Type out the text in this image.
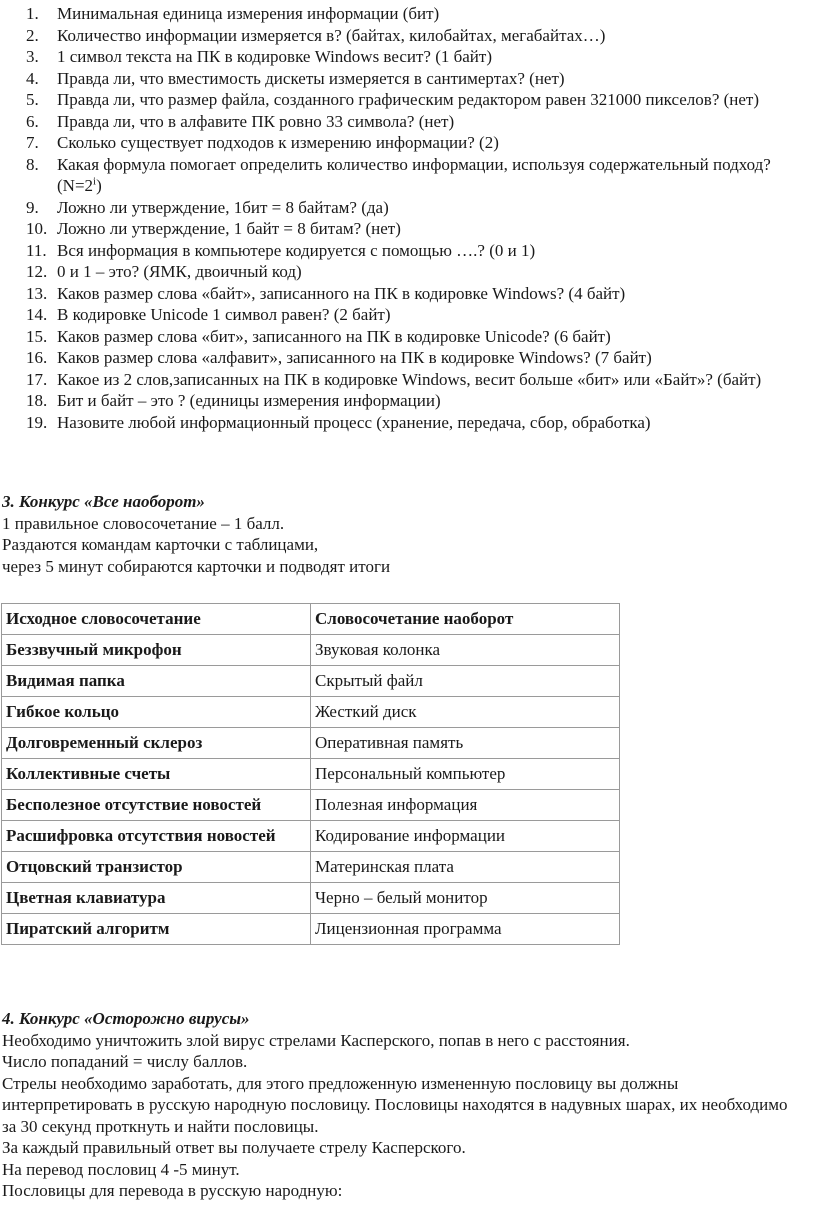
1. Минимальная единица измерения информации (бит)
2. Количество информации измеряется в? (байтах, килобайтах, мегабайтах…)
3. 1 символ текста на ПК в кодировке Windows весит? (1 байт)
4. Правда ли, что вместимость дискеты измеряется в сантимертах? (нет)
5. Правда ли, что размер файла, созданного графическим редактором равен 321000 пикселов? (нет)
6. Правда ли, что в алфавите ПК ровно 33 символа? (нет)
7. Сколько существует подходов к измерению информации? (2)
8. Какая формула помогает определить количество информации, используя содержательный подход? $(N=2^i)$
9. Ложно ли утверждение, 1бит = 8 байтам? (да)
10. Ложно ли утверждение, 1 байт = 8 битам? (нет)
11. Вся информация в компьютере кодируется с помощью ….? (0 и 1)
12. 0 и 1 – это? (ЯМК, двоичный код)
13. Каков размер слова «байт», записанного на ПК в кодировке Windows? (4 байт)
14. В кодировке Unicode 1 символ равен? (2 байт)
15. Каков размер слова «бит», записанного на ПК в кодировке Unicode? (6 байт)
16. Каков размер слова «алфавит», записанного на ПК в кодировке Windows? (7 байт)
17. Какое из 2 слов,записанных на ПК в кодировке Windows, весит больше «бит» или «Байт»? (байт)
18. Бит и байт – это ? (единицы измерения информации)
19. Назовите любой информационный процесс (хранение, передача, сбор, обработка)

3. Конкурс «Все наоборот»

1 правильное словосочетание – 1 балл.

Раздаются командам карточки с таблицами,

через 5 минут собираются карточки и подводят итоги

Исходное словосочетание	Словосочетание наоборот
Беззвучный микрофон	Звуковая колонка
Видимая папка	Скрытый файл
Гибкое кольцо	Жесткий диск
Долговременный склероз	Оперативная память
Коллективные счеты	Персональный компьютер
Бесполезное отсутствие новостей	Полезная информация
Расшифровка отсутствия новостей	Кодирование информации
Отцовский транзистор	Материнская плата
Цветная клавиатура	Черно – белый монитор
Пиратский алгоритм	Лицензионная программа

4. Конкурс «Осторожно вирусы»

Необходимо уничтожить злой вирус стрелами Касперского, попав в него с расстояния.

Число попаданий = числу баллов.

Стрелы необходимо заработать, для этого предложенную измененную пословицу вы должны интерпретировать в русскую народную пословицу. Пословицы находятся в надувных шарах, их необходимо за 30 секунд проткнуть и найти пословицы.

За каждый правильный ответ вы получаете стрелу Касперского.

На перевод пословиц 4 -5 минут.

Пословицы для перевода в русскую народную:
